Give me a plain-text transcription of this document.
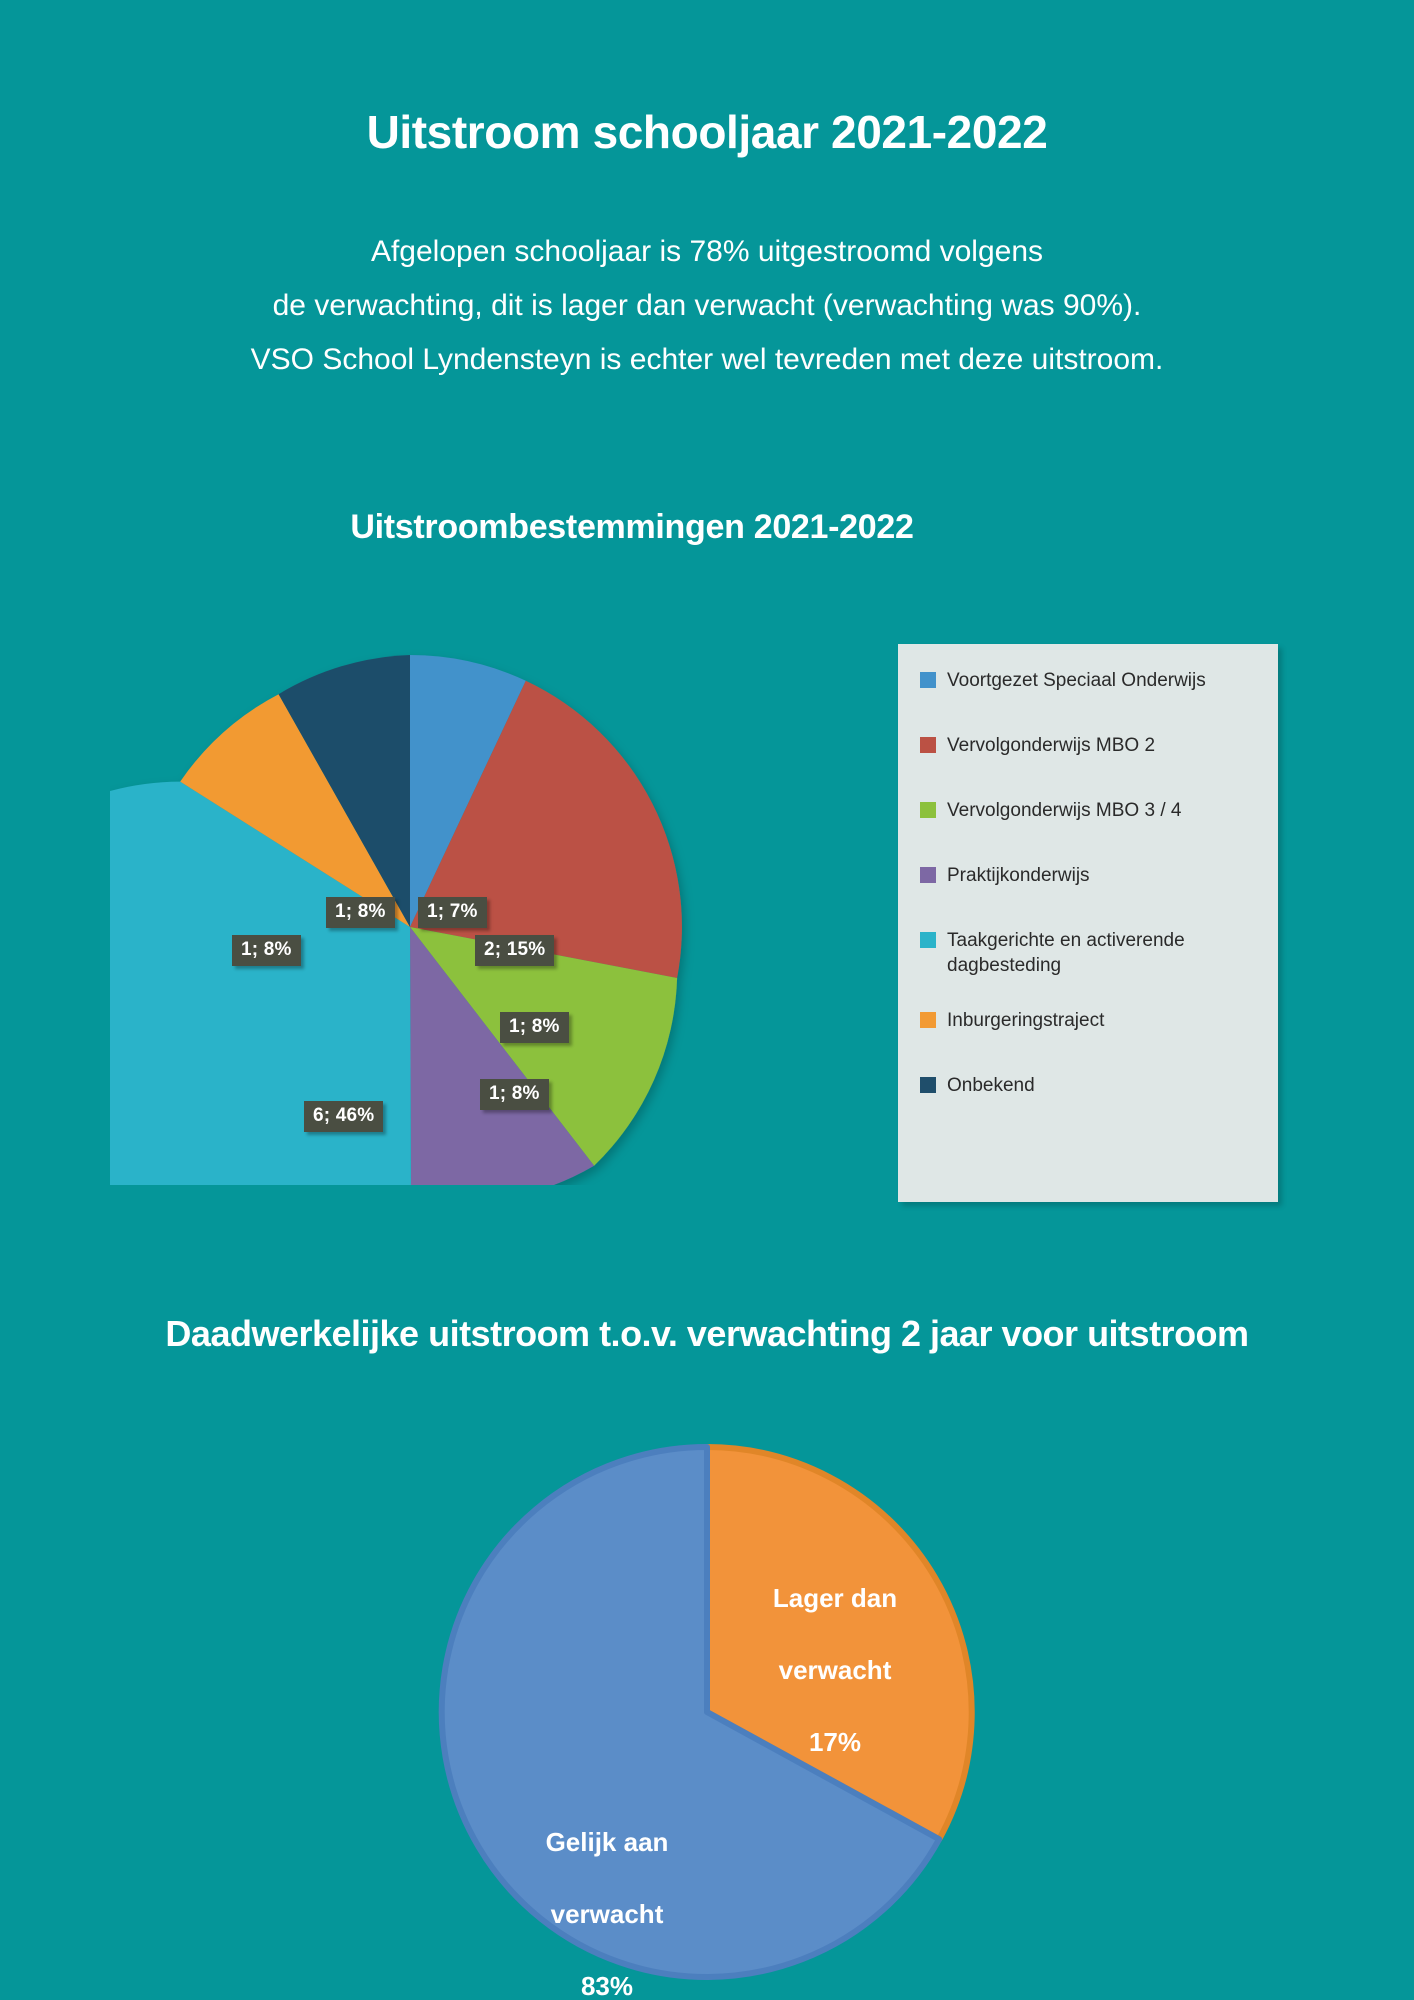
Uitstroom schooljaar 2021-2022
Afgelopen schooljaar is 78% uitgestroomd volgens
de verwachting, dit is lager dan verwacht (verwachting was 90%).
VSO School Lyndensteyn is echter wel tevreden met deze uitstroom.
Uitstroombestemmingen 2021-2022
1; 8%	1; 7%
2; 15%
1; 8%
1; 8%
1; 8%
6; 46%
Voortgezet Speciaal Onderwijs
Vervolgonderwijs MBO 2
Vervolgonderwijs MBO 3 / 4
Praktijkonderwijs
Taakgerichte en activerende dagbesteding
Inburgeringstraject
Onbekend
Daadwerkelijke uitstroom t.o.v. verwachting 2 jaar voor uitstroom

Lager dan

verwacht

17%

Gelijk aan

verwacht

83%
